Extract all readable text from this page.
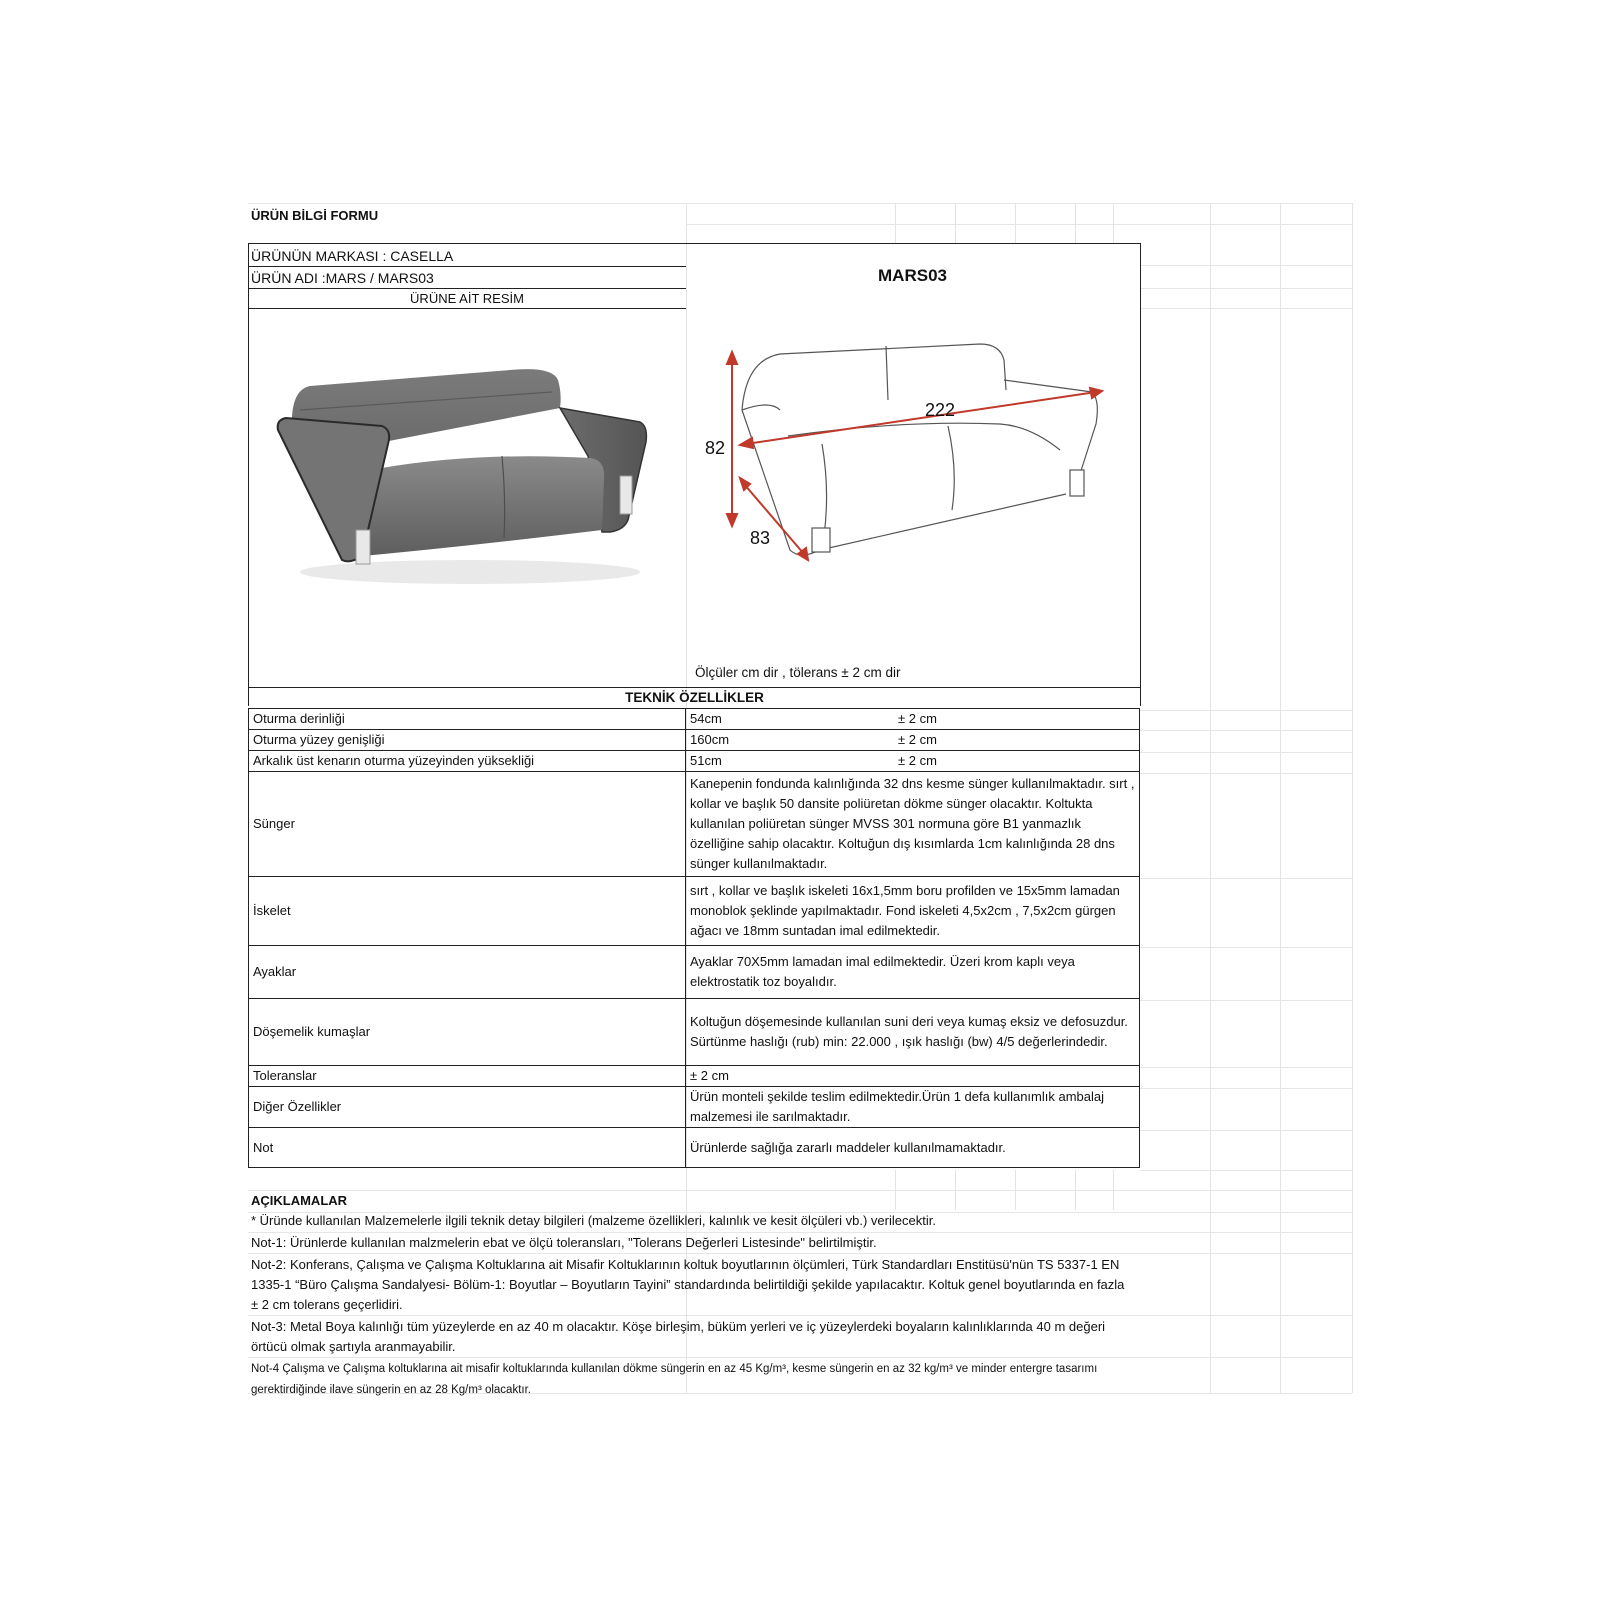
ÜRÜN BİLGİ FORMU
ÜRÜNÜN MARKASI : CASELLA
ÜRÜN ADI :MARS / MARS03
ÜRÜNE AİT RESİM
MARS03
222
82
83
Ölçüler cm dir , tölerans ± 2 cm dir
TEKNİK ÖZELLİKLER
Oturma derinliği	54cm ± 2 cm

Oturma yüzey genişliği	160cm ± 2 cm

Arkalık üst kenarın oturma yüzeyinden yüksekliği	51cm ± 2 cm

Sünger	Kanepenin fondunda kalınlığında 32 dns kesme sünger kullanılmaktadır. sırt , kollar ve başlık 50 dansite poliüretan dökme sünger olacaktır. Koltukta kullanılan poliüretan sünger MVSS 301 normuna göre B1 yanmazlık özelliğine sahip olacaktır. Koltuğun dış kısımlarda 1cm kalınlığında 28 dns sünger kullanılmaktadır.
İskelet	sırt , kollar ve başlık iskeleti 16x1,5mm boru profilden ve 15x5mm lamadan monoblok şeklinde yapılmaktadır. Fond iskeleti 4,5x2cm , 7,5x2cm gürgen ağacı ve 18mm suntadan imal edilmektedir.
Ayaklar	Ayaklar 70X5mm lamadan imal edilmektedir. Üzeri krom kaplı veya elektrostatik toz boyalıdır.
Döşemelik kumaşlar	Koltuğun döşemesinde kullanılan suni deri veya kumaş eksiz ve defosuzdur. Sürtünme haslığı (rub) min: 22.000 , ışık haslığı (bw) 4/5 değerlerindedir.
Toleranslar	± 2 cm
Diğer Özellikler	Ürün monteli şekilde teslim edilmektedir.Ürün 1 defa kullanımlık ambalaj malzemesi ile sarılmaktadır.
Not	Ürünlerde sağlığa zararlı maddeler kullanılmamaktadır.
AÇIKLAMALAR

* Üründe kullanılan Malzemelerle ilgili teknik detay bilgileri (malzeme özellikleri, kalınlık ve kesit ölçüleri vb.) verilecektir.

Not-1: Ürünlerde kullanılan malzmelerin ebat ve ölçü toleransları, "Tolerans Değerleri Listesinde" belirtilmiştir.

Not-2: Konferans, Çalışma ve Çalışma Koltuklarına ait Misafir Koltuklarının koltuk boyutlarının ölçümleri, Türk Standardları Enstitüsü'nün TS 5337-1 EN 1335-1 “Büro Çalışma Sandalyesi- Bölüm-1: Boyutlar – Boyutların Tayini” standardında belirtildiği şekilde yapılacaktır. Koltuk genel boyutlarında en fazla ± 2 cm tolerans geçerlidiri.

Not-3: Metal Boya kalınlığı tüm yüzeylerde en az 40 m olacaktır. Köşe birleşim, büküm yerleri ve iç yüzeylerdeki boyaların kalınlıklarında 40 m değeri örtücü olmak şartıyla aranmayabilir.

Not-4 Çalışma ve Çalışma koltuklarına ait misafir koltuklarında kullanılan dökme süngerin en az 45 Kg/m³, kesme süngerin en az 32 kg/m³ ve minder entergre tasarımı gerektirdiğinde ilave süngerin en az 28 Kg/m³ olacaktır.
